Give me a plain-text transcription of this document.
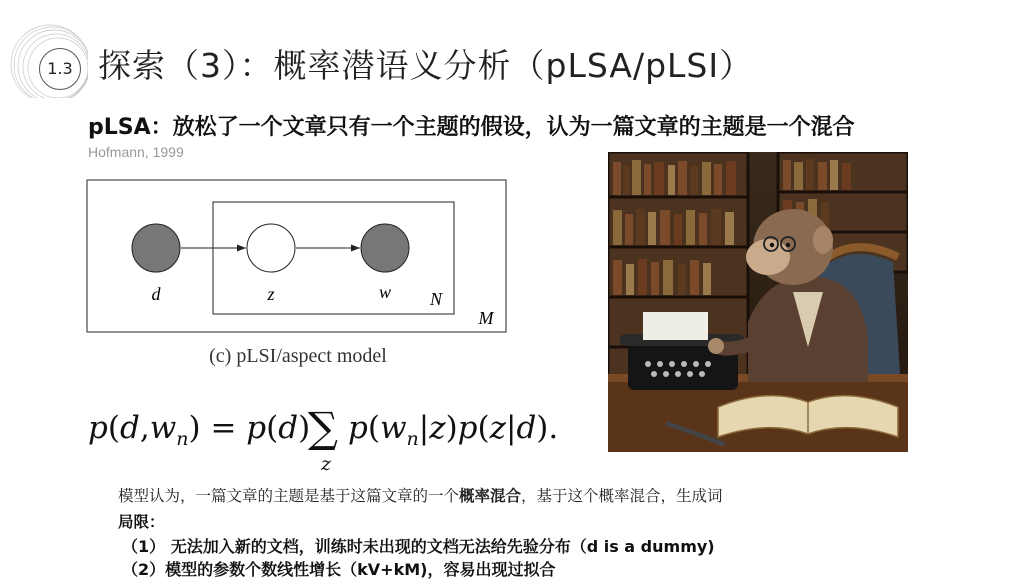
1.3 探索（3）：概率潜语义分析（pLSA/pLSI）
pLSA：放松了一个文章只有一个主题的假设，认为一篇文章的主题是一个混合
Hofmann, 1999
d	z	w N
M
(c) pLSI/aspect model
$p(d,w_n) = p(d)$
∑
z
$p(w_n|z)p(z|d)$.
模型认为，一篇文章的主题是基于这篇文章的一个概率混合，基于这个概率混合，生成词
局限：
（1） 无法加入新的文档，训练时未出现的文档无法给先验分布（d is a dummy)
（2）模型的参数个数线性增长（kV+kM)，容易出现过拟合
